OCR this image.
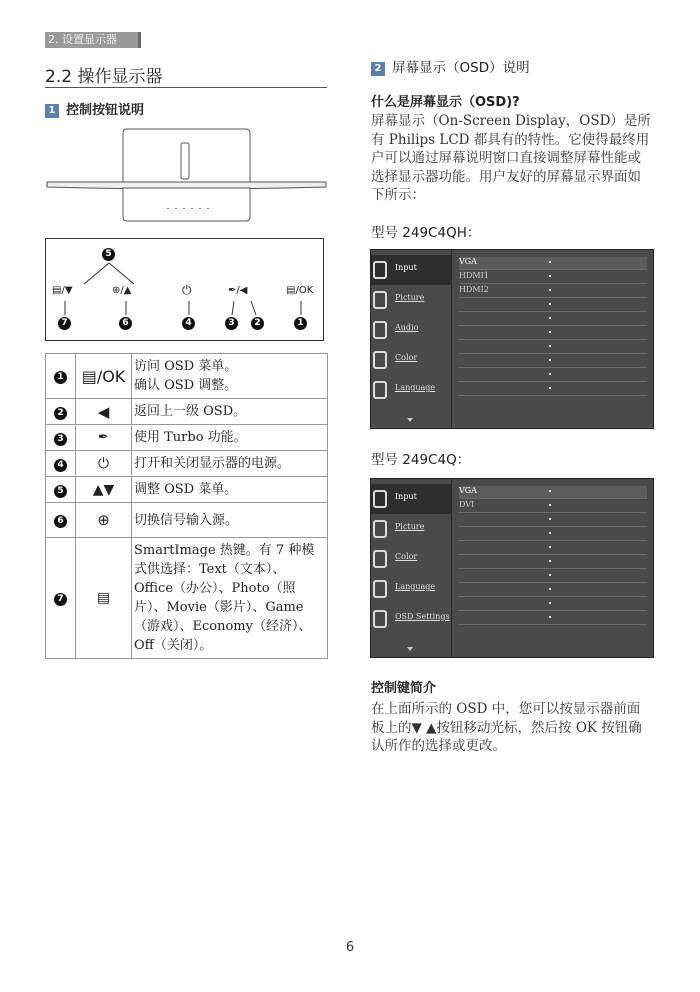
2. 设置显示器
2.2 操作显示器
1 控制按钮说明
5
▤/▼	⊕/▲	⏻	✒/◀	▤/OK
7	6	4	3	2	1
1	▤/OK	访问 OSD 菜单。
确认 OSD 调整。
2	◀	返回上一级 OSD。
3	✒	使用 Turbo 功能。
4	⏻	打开和关闭显示器的电源。
5	▲▼	调整 OSD 菜单。
6	⊕	切换信号输入源。
7	▤	SmartImage 热键。有 7 种模式供选择：Text（文本）、Office（办公）、Photo（照片）、Movie（影片）、Game（游戏）、Economy（经济）、Off（关闭）。
2 屏幕显示（OSD）说明
什么是屏幕显示（OSD)?
屏幕显示（On-Screen Display，OSD）是所有 Philips LCD 都具有的特性。它使得最终用户可以通过屏幕说明窗口直接调整屏幕性能或选择显示器功能。用户友好的屏幕显示界面如下所示：
型号 249C4QH：
Input
Picture
Audio
Color
Language
VGA
HDMI1
HDMI2
型号 249C4Q：
Input
Picture
Color
Language
OSD Settings
VGA
DVI
控制键简介
在上面所示的 OSD 中，您可以按显示器前面板上的▼ ▲按钮移动光标，然后按 OK 按钮确认所作的选择或更改。
6
